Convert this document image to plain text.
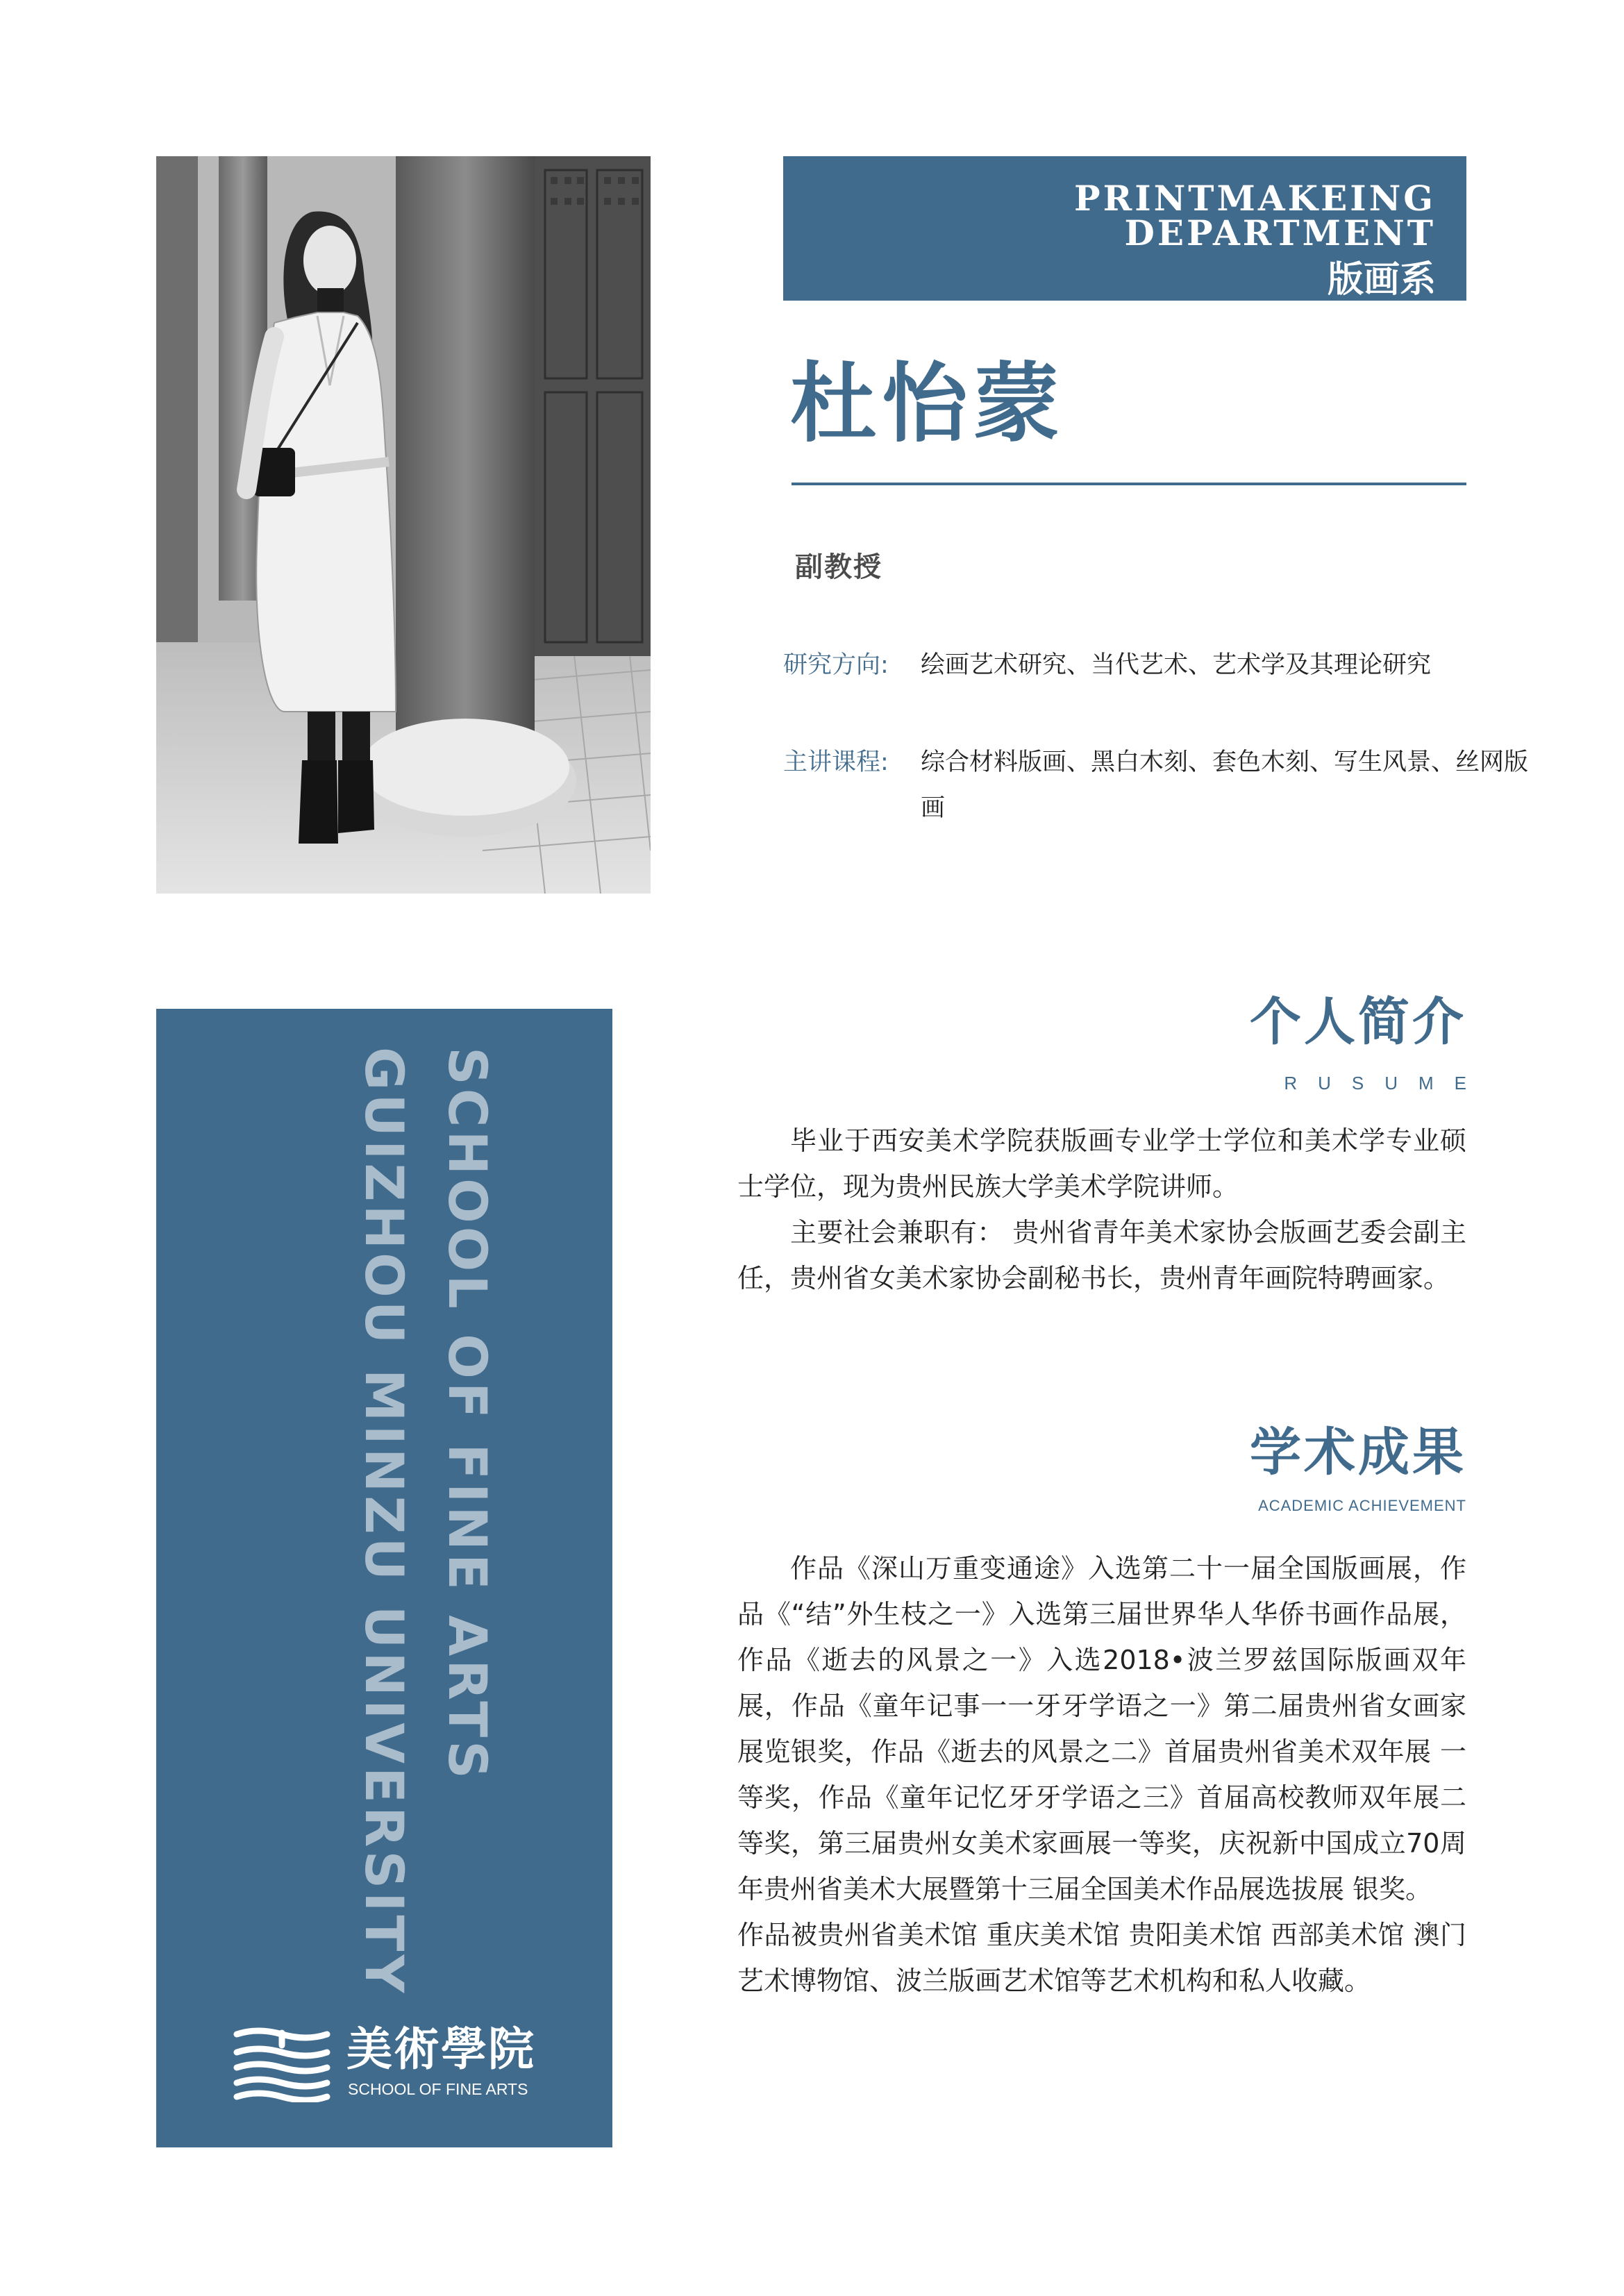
PRINTMAKEING DEPARTMENT
版画系
杜怡蒙
副教授
研究方向: 绘画艺术研究、当代艺术、艺术学及其理论研究
主讲课程: 综合材料版画、黑白木刻、套色木刻、写生风景、丝网版画
SCHOOL OF FINE ARTS
GUIZHOU MINZU UNIVERSITY
美術學院
SCHOOL OF FINE ARTS
个人简介
RUSUME

毕业于西安美术学院获版画专业学士学位和美术学专业硕士学位，现为贵州民族大学美术学院讲师。

主要社会兼职有： 贵州省青年美术家协会版画艺委会副主任，贵州省女美术家协会副秘书长，贵州青年画院特聘画家。

学术成果
ACADEMIC ACHIEVEMENT

作品《深山万重变通途》入选第二十一届全国版画展，作品《“结”外生枝之一》入选第三届世界华人华侨书画作品展，作品《逝去的风景之一》入选2018•波兰罗兹国际版画双年展，作品《童年记事一一牙牙学语之一》第二届贵州省女画家展览银奖，作品《逝去的风景之二》首届贵州省美术双年展 一等奖，作品《童年记忆牙牙学语之三》首届高校教师双年展二等奖，第三届贵州女美术家画展一等奖，庆祝新中国成立70周年贵州省美术大展暨第十三届全国美术作品展选拔展 银奖。

作品被贵州省美术馆 重庆美术馆 贵阳美术馆 西部美术馆 澳门艺术博物馆、波兰版画艺术馆等艺术机构和私人收藏。
